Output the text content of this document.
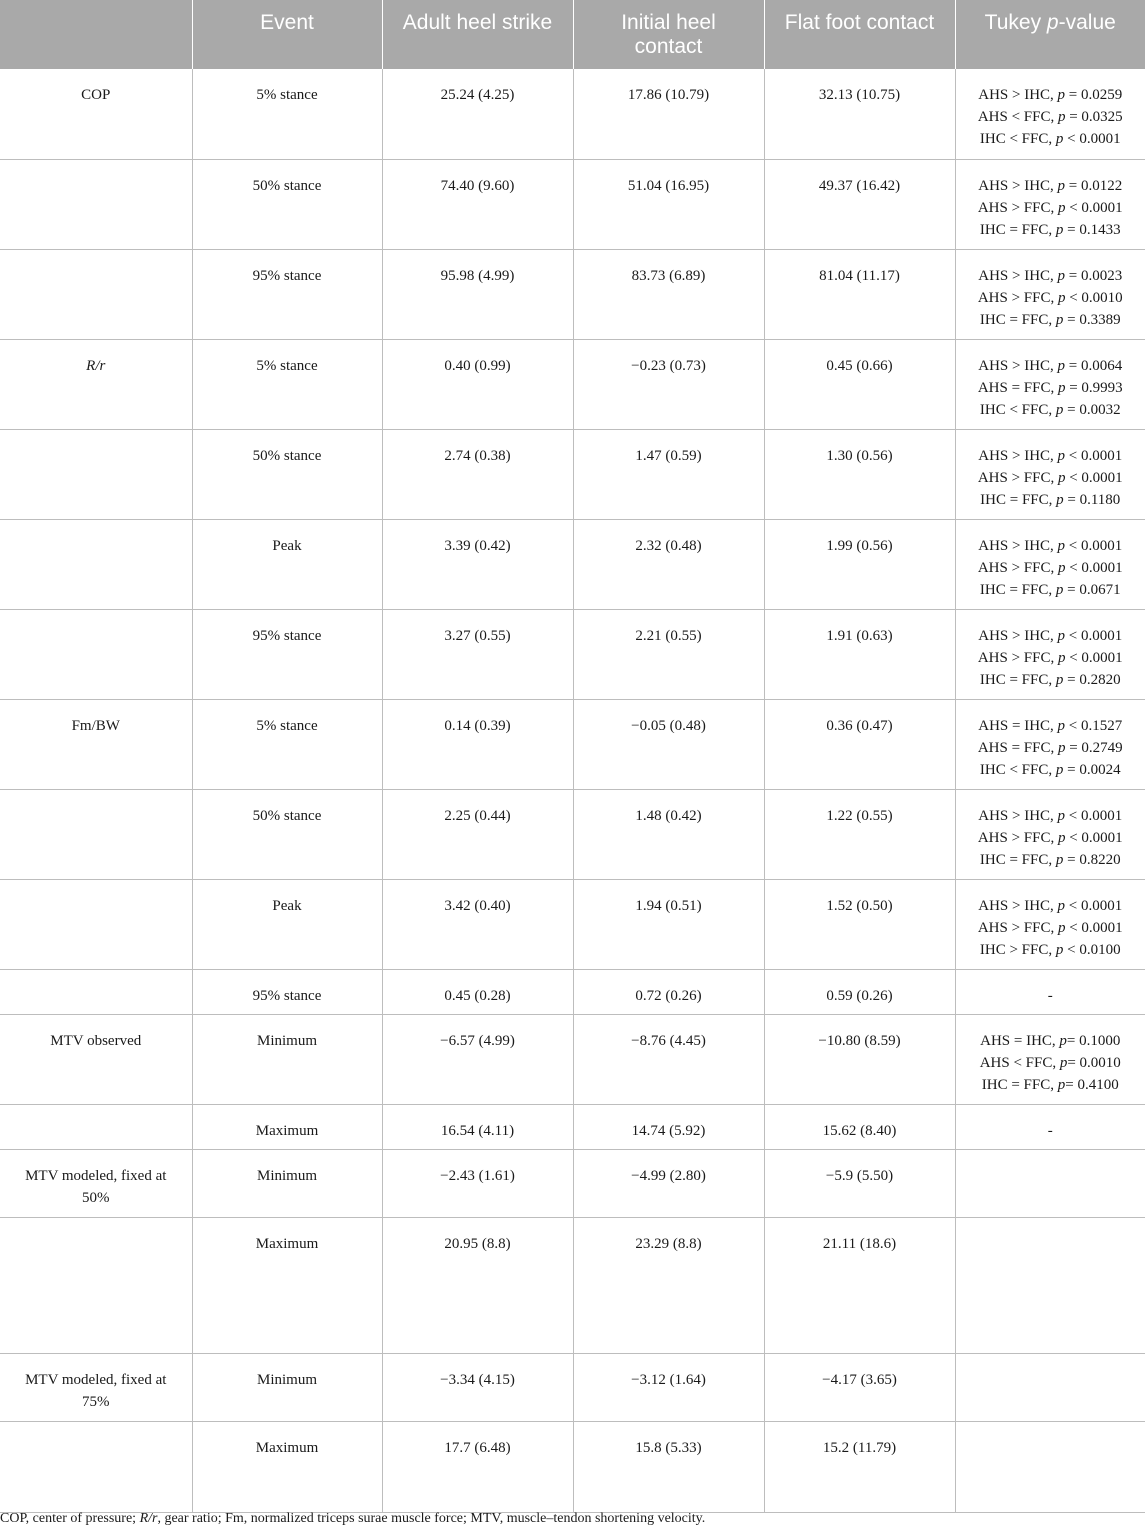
	Event	Adult heel strike	Initial heel
contact	Flat foot contact	Tukey p-value
COP	5% stance	25.24 (4.25)	17.86 (10.79)	32.13 (10.75)	AHS > IHC, p = 0.0259
AHS < FFC, p = 0.0325
IHC < FFC, p < 0.0001

	50% stance	74.40 (9.60)	51.04 (16.95)	49.37 (16.42)	AHS > IHC, p = 0.0122
AHS > FFC, p < 0.0001
IHC = FFC, p = 0.1433

	95% stance	95.98 (4.99)	83.73 (6.89)	81.04 (11.17)	AHS > IHC, p = 0.0023
AHS > FFC, p < 0.0010
IHC = FFC, p = 0.3389

R/r	5% stance	0.40 (0.99)	−0.23 (0.73)	0.45 (0.66)	AHS > IHC, p = 0.0064
AHS = FFC, p = 0.9993
IHC < FFC, p = 0.0032

	50% stance	2.74 (0.38)	1.47 (0.59)	1.30 (0.56)	AHS > IHC, p < 0.0001
AHS > FFC, p < 0.0001
IHC = FFC, p = 0.1180

	Peak	3.39 (0.42)	2.32 (0.48)	1.99 (0.56)	AHS > IHC, p < 0.0001
AHS > FFC, p < 0.0001
IHC = FFC, p = 0.0671

	95% stance	3.27 (0.55)	2.21 (0.55)	1.91 (0.63)	AHS > IHC, p < 0.0001
AHS > FFC, p < 0.0001
IHC = FFC, p = 0.2820

Fm/BW	5% stance	0.14 (0.39)	−0.05 (0.48)	0.36 (0.47)	AHS = IHC, p < 0.1527
AHS = FFC, p = 0.2749
IHC < FFC, p = 0.0024

	50% stance	2.25 (0.44)	1.48 (0.42)	1.22 (0.55)	AHS > IHC, p < 0.0001
AHS > FFC, p < 0.0001
IHC = FFC, p = 0.8220

	Peak	3.42 (0.40)	1.94 (0.51)	1.52 (0.50)	AHS > IHC, p < 0.0001
AHS > FFC, p < 0.0001
IHC > FFC, p < 0.0100

	95% stance	0.45 (0.28)	0.72 (0.26)	0.59 (0.26)	-

MTV observed	Minimum	−6.57 (4.99)	−8.76 (4.45)	−10.80 (8.59)	AHS = IHC, p= 0.1000
AHS < FFC, p= 0.0010
IHC = FFC, p= 0.4100

	Maximum	16.54 (4.11)	14.74 (5.92)	15.62 (8.40)	-

MTV modeled, fixed at
50%	Minimum	−2.43 (1.61)	−4.99 (2.80)	−5.9 (5.50)	
	Maximum	20.95 (8.8)	23.29 (8.8)	21.11 (18.6)	
MTV modeled, fixed at
75%	Minimum	−3.34 (4.15)	−3.12 (1.64)	−4.17 (3.65)	
	Maximum	17.7 (6.48)	15.8 (5.33)	15.2 (11.79)	
COP, center of pressure; R/r, gear ratio; Fm, normalized triceps surae muscle force; MTV, muscle–tendon shortening velocity.
